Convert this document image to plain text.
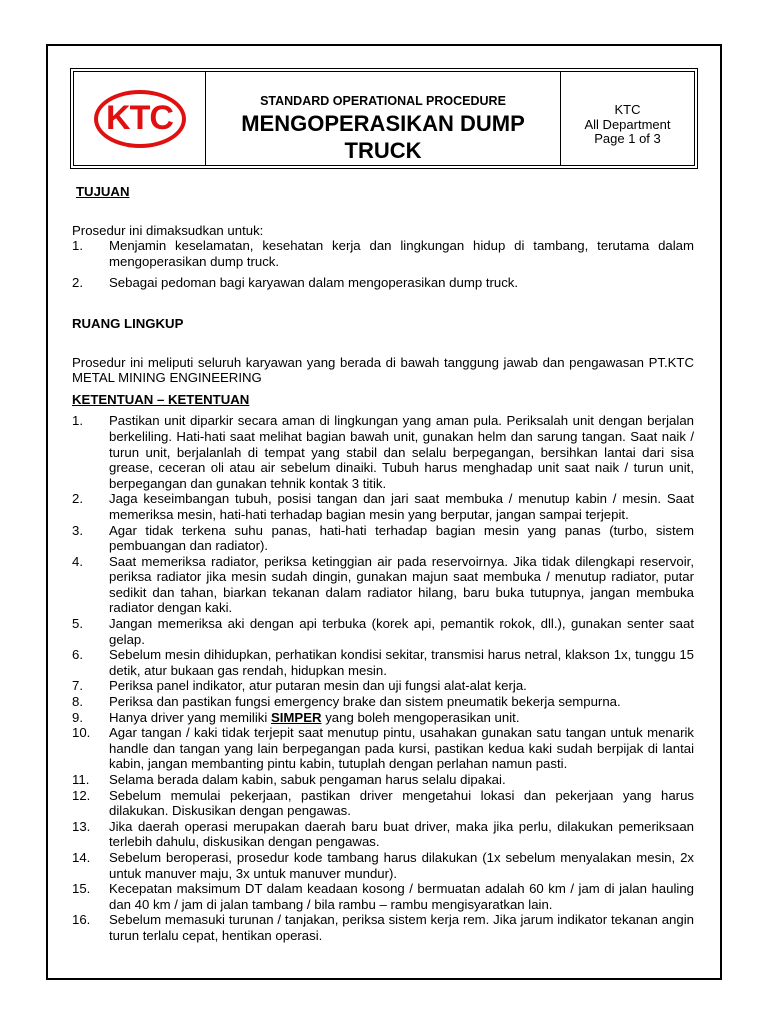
KTC	STANDARD OPERATIONAL PROCEDURE
MENGOPERASIKAN DUMP TRUCK
KTC
All Department
Page 1 of 3
TUJUAN
Prosedur ini dimaksudkan untuk:
1. Menjamin keselamatan, kesehatan kerja dan lingkungan hidup di tambang, terutama dalam mengoperasikan dump truck.
2. Sebagai pedoman bagi karyawan dalam mengoperasikan dump truck.
RUANG LINGKUP
Prosedur ini meliputi seluruh karyawan yang berada di bawah tanggung jawab dan pengawasan PT.KTC METAL MINING ENGINEERING
KETENTUAN – KETENTUAN
1. Pastikan unit diparkir secara aman di lingkungan yang aman pula. Periksalah unit dengan berjalan berkeliling. Hati-hati saat melihat bagian bawah unit, gunakan helm dan sarung tangan. Saat naik / turun unit, berjalanlah di tempat yang stabil dan selalu berpegangan, bersihkan lantai dari sisa grease, ceceran oli atau air sebelum dinaiki. Tubuh harus menghadap unit saat naik / turun unit, berpegangan dan gunakan tehnik kontak 3 titik.
2. Jaga keseimbangan tubuh, posisi tangan dan jari saat membuka / menutup kabin / mesin. Saat memeriksa mesin, hati-hati terhadap bagian mesin yang berputar, jangan sampai terjepit.
3. Agar tidak terkena suhu panas, hati-hati terhadap bagian mesin yang panas (turbo, sistem pembuangan dan radiator).
4. Saat memeriksa radiator, periksa ketinggian air pada reservoirnya. Jika tidak dilengkapi reservoir, periksa radiator jika mesin sudah dingin, gunakan majun saat membuka / menutup radiator, putar sedikit dan tahan, biarkan tekanan dalam radiator hilang, baru buka tutupnya, jangan membuka radiator dengan kaki.
5. Jangan memeriksa aki dengan api terbuka (korek api, pemantik rokok, dll.), gunakan senter saat gelap.
6. Sebelum mesin dihidupkan, perhatikan kondisi sekitar, transmisi harus netral, klakson 1x, tunggu 15 detik, atur bukaan gas rendah, hidupkan mesin.
7. Periksa panel indikator, atur putaran mesin dan uji fungsi alat-alat kerja.
8. Periksa dan pastikan fungsi emergency brake dan sistem pneumatik bekerja sempurna.
9. Hanya driver yang memiliki SIMPER yang boleh mengoperasikan unit.
10. Agar tangan / kaki tidak terjepit saat menutup pintu, usahakan gunakan satu tangan untuk menarik handle dan tangan yang lain berpegangan pada kursi, pastikan kedua kaki sudah berpijak di lantai kabin, jangan membanting pintu kabin, tutuplah dengan perlahan namun pasti.
11. Selama berada dalam kabin, sabuk pengaman harus selalu dipakai.
12. Sebelum memulai pekerjaan, pastikan driver mengetahui lokasi dan pekerjaan yang harus dilakukan. Diskusikan dengan pengawas.
13. Jika daerah operasi merupakan daerah baru buat driver, maka jika perlu, dilakukan pemeriksaan terlebih dahulu, diskusikan dengan pengawas.
14. Sebelum beroperasi, prosedur kode tambang harus dilakukan (1x sebelum menyalakan mesin, 2x untuk manuver maju, 3x untuk manuver mundur).
15. Kecepatan maksimum DT dalam keadaan kosong / bermuatan adalah 60 km / jam di jalan hauling dan 40 km / jam di jalan tambang / bila rambu – rambu mengisyaratkan lain.
16. Sebelum memasuki turunan / tanjakan, periksa sistem kerja rem. Jika jarum indikator tekanan angin turun terlalu cepat, hentikan operasi.
